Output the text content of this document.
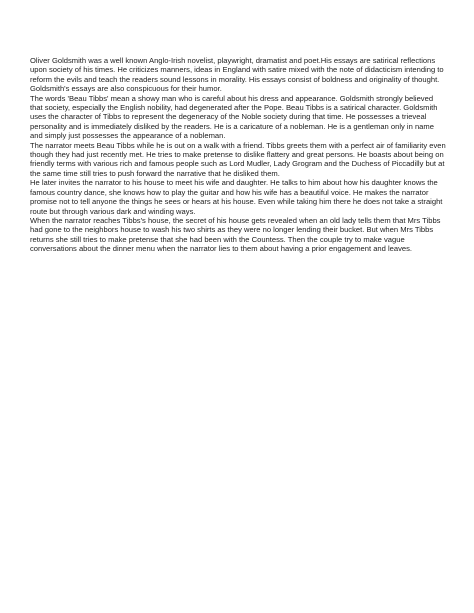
Oliver Goldsmith was a well known Anglo-Irish novelist, playwright, dramatist and poet.His essays are satirical reflections upon society of his times. He criticizes manners, ideas in England with satire mixed with the note of didacticism intending to reform the evils and teach the readers sound lessons in morality. His essays consist of boldness and originality of thought. Goldsmith's essays are also conspicuous for their humor.

The words 'Beau Tibbs' mean a showy man who is careful about his dress and appearance. Goldsmith strongly believed that society, especially the English nobility, had degenerated after the Pope. Beau Tibbs is a satirical character. Goldsmith uses the character of Tibbs to represent the degeneracy of the Noble society during that time. He possesses a trieveal personality and is immediately disliked by the readers. He is a caricature of a nobleman. He is a gentleman only in name and simply just possesses the appearance of a nobleman.

The narrator meets Beau Tibbs while he is out on a walk with a friend. Tibbs greets them with a perfect air of familiarity even though they had just recently met. He tries to make pretense to dislike flattery and great persons. He boasts about being on friendly terms with various rich and famous people such as Lord Mudler, Lady Grogram and the Duchess of Piccadilly but at the same time still tries to push forward the narrative that he disliked them.

He later invites the narrator to his house to meet his wife and daughter. He talks to him about how his daughter knows the famous country dance, she knows how to play the guitar and how his wife has a beautiful voice. He makes the narrator promise not to tell anyone the things he sees or hears at his house. Even while taking him there he does not take a straight route but through various dark and winding ways.

When the narrator reaches Tibbs's house, the secret of his house gets revealed when an old lady tells them that Mrs Tibbs had gone to the neighbors house to wash his two shirts as they were no longer lending their bucket. But when Mrs Tibbs returns she still tries to make pretense that she had been with the Countess. Then the couple try to make vague conversations about the dinner menu when the narrator lies to them about having a prior engagement and leaves.
